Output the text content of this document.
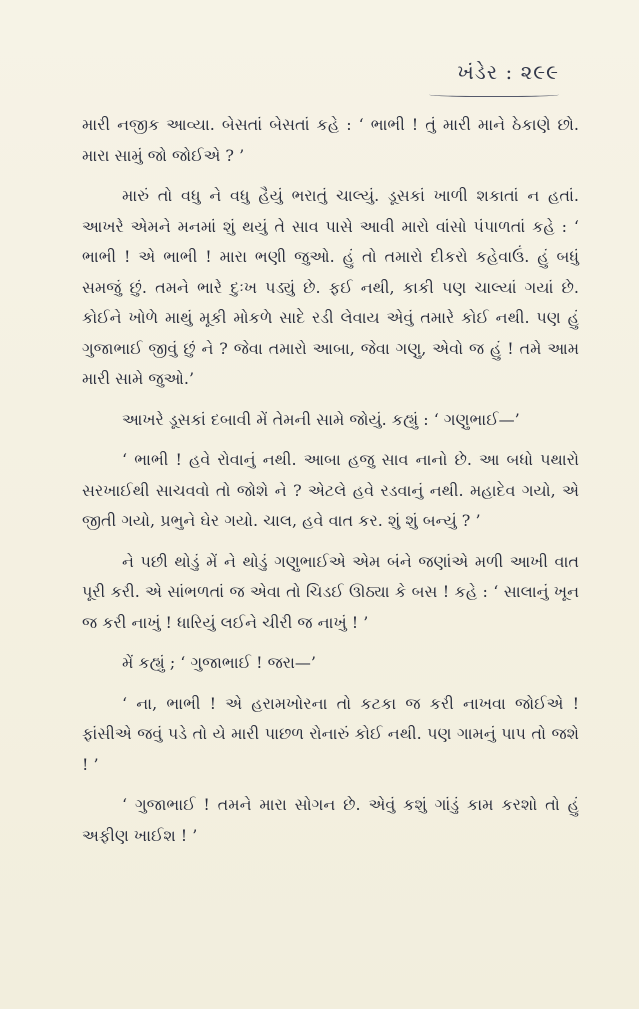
ખંડેર : ૨૯૯

મારી નજીક આવ્યા. બેસતાં બેસતાં કહે : ‘ ભાભી ! તું મારી માને ઠેકાણે છો. મારા સામું જો જોઈએ ? ’

મારું તો વધુ ને વધુ હૈયું ભરાતું ચાલ્યું. ડૂસકાં ખાળી શકાતાં ન હતાં. આખરે એમને મનમાં શું થયું તે સાવ પાસે આવી મારો વાંસો પંપાળતાં કહે : ‘ ભાભી ! એ ભાભી ! મારા ભણી જુઓ. હું તો તમારો દીકરો કહેવાઉં. હું બધું સમજું છું. તમને ભારે દુઃખ પડ્યું છે. ફઈ નથી, કાકી પણ ચાલ્યાં ગયાં છે. કોઈને ખોળે માથું મૂકી મોકળે સાદે રડી લેવાય એવું તમારે કોઈ નથી. પણ હું ગુજાભાઈ જીવું છું ને ? જેવા તમારો આબા, જેવા ગણુ, એવો જ હું ! તમે આમ મારી સામે જુઓ.’

આખરે ડૂસકાં દબાવી મેં તેમની સામે જોયું. કહ્યું : ‘ ગણુભાઈ—’

‘ ભાભી ! હવે રોવાનું નથી. આબા હજુ સાવ નાનો છે. આ બધો પથારો સરખાઈથી સાચવવો તો જોશે ને ? એટલે હવે રડવાનું નથી. મહાદેવ ગયો, એ જીતી ગયો, પ્રભુને ઘેર ગયો. ચાલ, હવે વાત કર. શું શું બન્યું ? ’

ને પછી થોડું મેં ને થોડું ગણુભાઈએ એમ બંને જણાંએ મળી આખી વાત પૂરી કરી. એ સાંભળતાં જ એવા તો ચિડઈ ઊઠ્યા કે બસ ! કહે : ‘ સાલાનું ખૂન જ કરી નાખું ! ધારિયું લઈને ચીરી જ નાખું ! ’

મેં કહ્યું ; ‘ ગુજાભાઈ ! જરા—’

‘ ના, ભાભી ! એ હરામખોરના તો કટકા જ કરી નાખવા જોઈએ ! ફાંસીએ જવું પડે તો યે મારી પાછળ રોનારું કોઈ નથી. પણ ગામનું પાપ તો જશે ! ’

‘ ગુજાભાઈ ! તમને મારા સોગન છે. એવું કશું ગાંડું કામ કરશો તો હું અફીણ ખાઈશ ! ’
